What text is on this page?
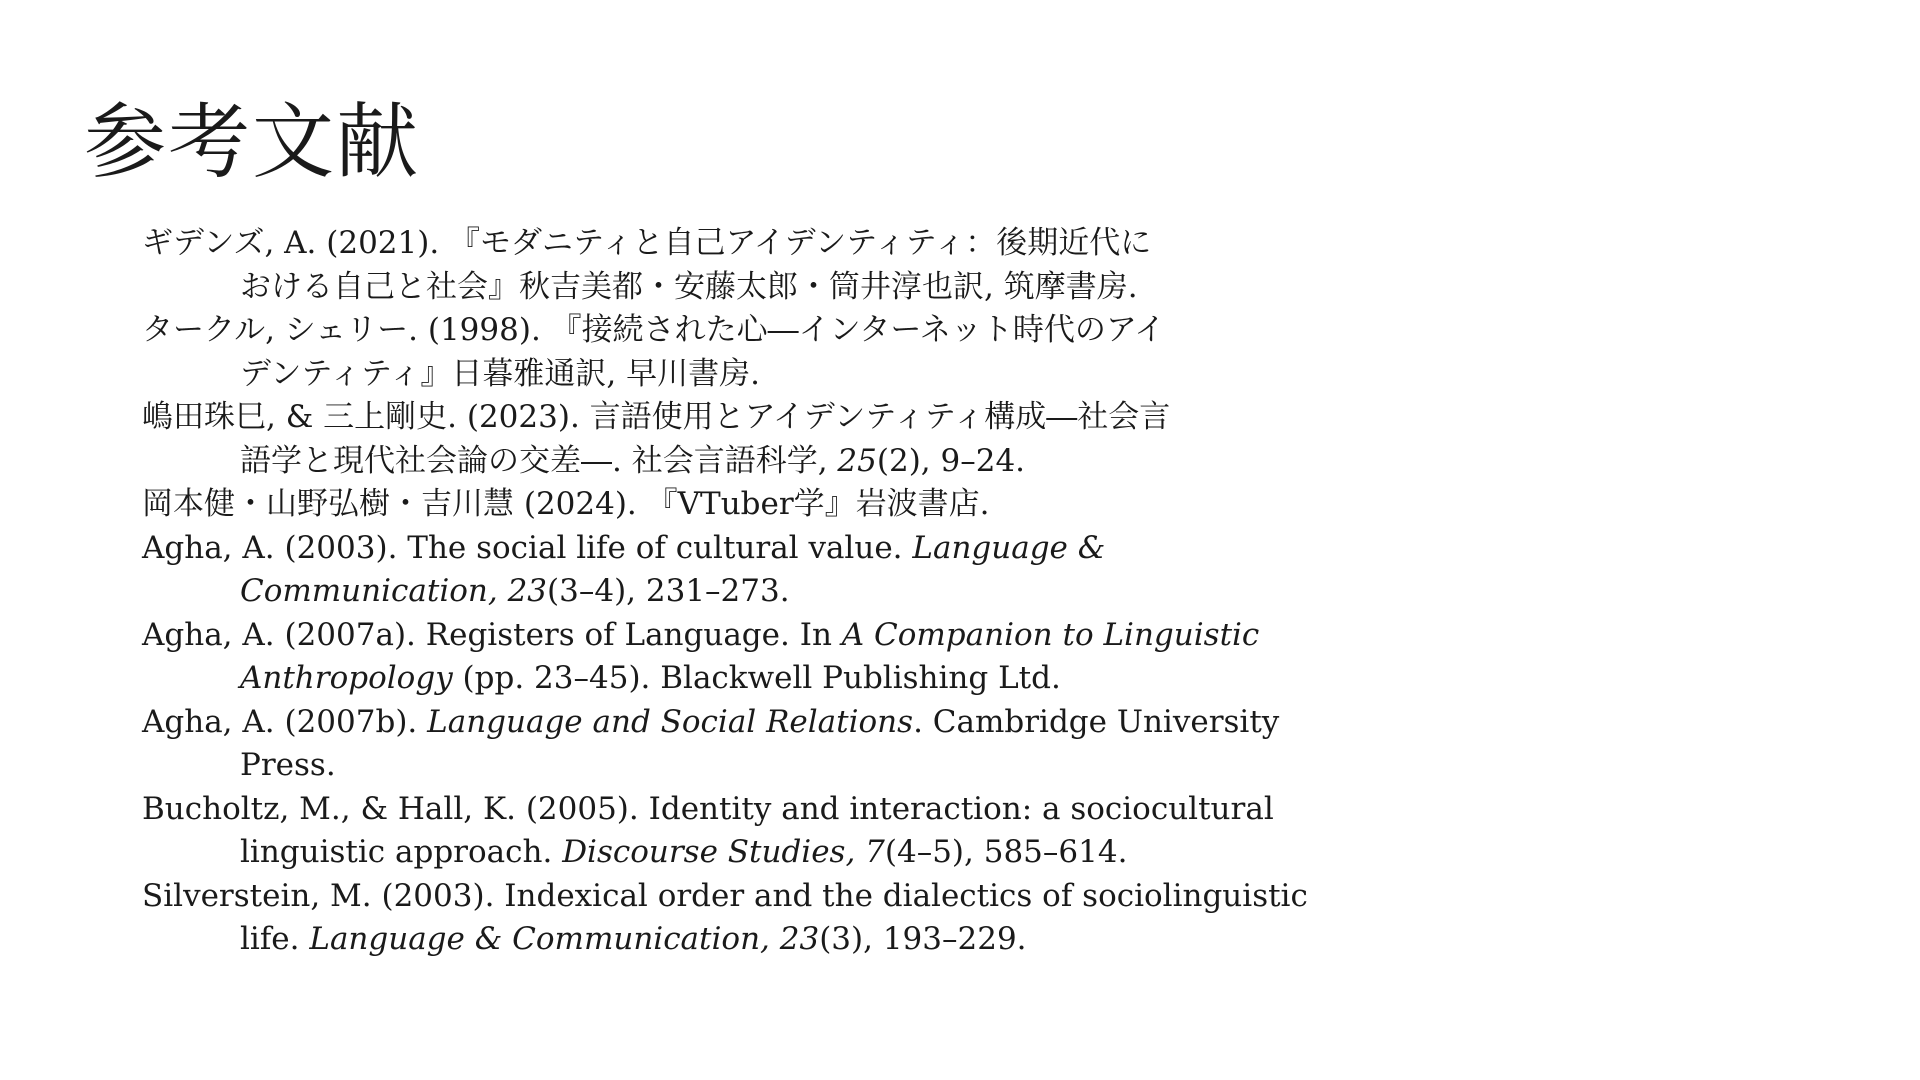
参考文献
ギデンズ, A. (2021). 『モダニティと自己アイデンティティ：後期近代に
おける自己と社会』秋吉美都・安藤太郎・筒井淳也訳, 筑摩書房.
タークル, シェリー. (1998). 『接続された心―インターネット時代のアイ
デンティティ』日暮雅通訳, 早川書房.
嶋田珠巳, & 三上剛史. (2023). 言語使用とアイデンティティ構成―社会言
語学と現代社会論の交差―. 社会言語科学, 25(2), 9–24.
岡本健・山野弘樹・吉川慧 (2024). 『VTuber学』岩波書店.
Agha, A. (2003). The social life of cultural value. Language & Communication, 23(3–4), 231–273.
Agha, A. (2007a). Registers of Language. In A Companion to Linguistic Anthropology (pp. 23–45). Blackwell Publishing Ltd.
Agha, A. (2007b). Language and Social Relations. Cambridge University Press.
Bucholtz, M., & Hall, K. (2005). Identity and interaction: a sociocultural linguistic approach. Discourse Studies, 7(4–5), 585–614.
Silverstein, M. (2003). Indexical order and the dialectics of sociolinguistic life. Language & Communication, 23(3), 193–229.
